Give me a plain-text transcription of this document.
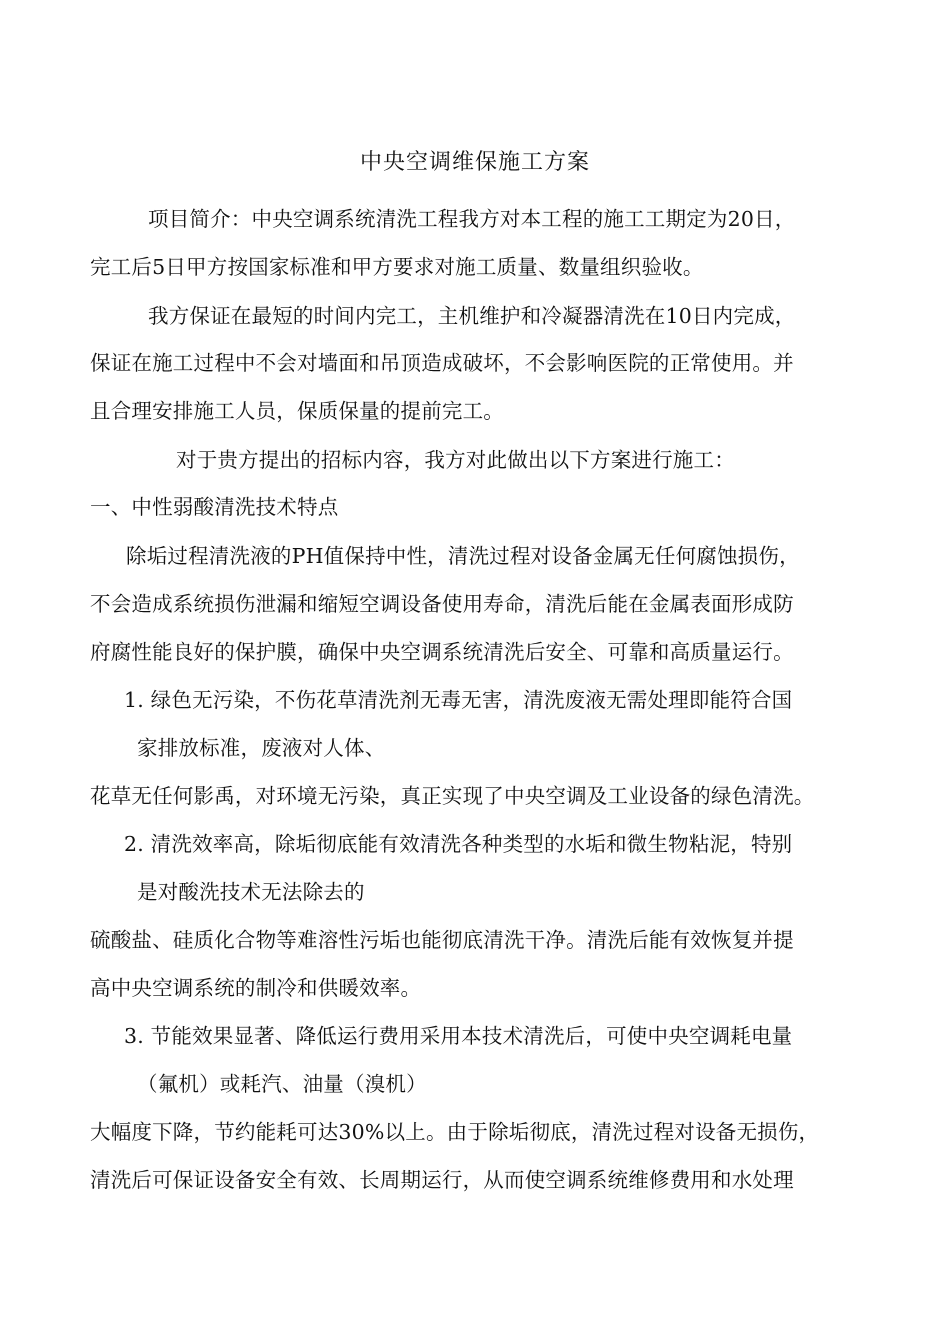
中央空调维保施工方案
项目简介：中央空调系统清洗工程我方对本工程的施工工期定为20日，
完工后5日甲方按国家标准和甲方要求对施工质量、数量组织验收。
我方保证在最短的时间内完工，主机维护和冷凝器清洗在10日内完成，
保证在施工过程中不会对墙面和吊顶造成破坏，不会影响医院的正常使用。并
且合理安排施工人员，保质保量的提前完工。
对于贵方提出的招标内容，我方对此做出以下方案进行施工：
一、中性弱酸清洗技术特点
除垢过程清洗液的PH值保持中性，清洗过程对设备金属无任何腐蚀损伤，
不会造成系统损伤泄漏和缩短空调设备使用寿命，清洗后能在金属表面形成防
府腐性能良好的保护膜，确保中央空调系统清洗后安全、可靠和高质量运行。
1. 绿色无污染，不伤花草清洗剂无毒无害，清洗废液无需处理即能符合国
家排放标准，废液对人体、
花草无任何影禹，对环境无污染，真正实现了中央空调及工业设备的绿色清洗。
2. 清洗效率高，除垢彻底能有效清洗各种类型的水垢和微生物粘泥，特别
是对酸洗技术无法除去的
硫酸盐、硅质化合物等难溶性污垢也能彻底清洗干净。清洗后能有效恢复并提
高中央空调系统的制冷和供暖效率。
3. 节能效果显著、降低运行费用采用本技术清洗后，可使中央空调耗电量
（氟机）或耗汽、油量（溴机）
大幅度下降，节约能耗可达30%以上。由于除垢彻底，清洗过程对设备无损伤，
清洗后可保证设备安全有效、长周期运行，从而使空调系统维修费用和水处理
